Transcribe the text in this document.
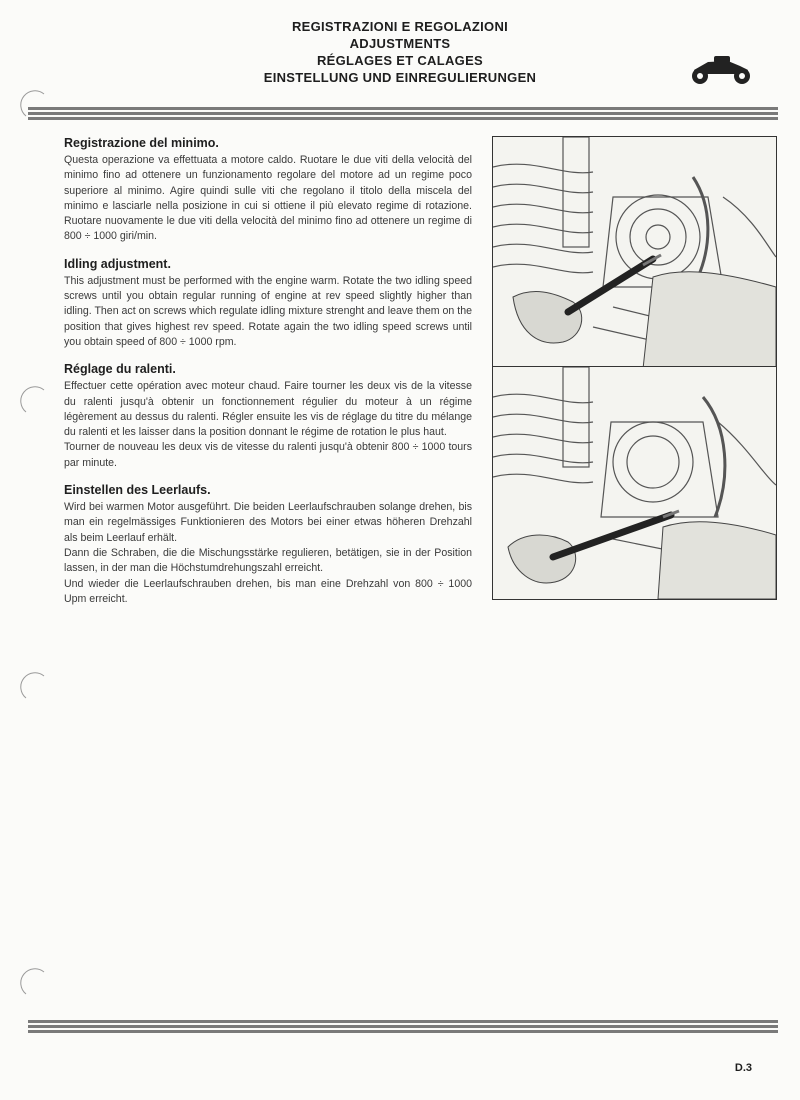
REGISTRAZIONI E REGOLAZIONI
ADJUSTMENTS
RÉGLAGES ET CALAGES
EINSTELLUNG UND EINREGULIERUNGEN
Registrazione del minimo.

Questa operazione va effettuata a motore caldo. Ruotare le due viti della velocità del minimo fino ad ottenere un funzionamento regolare del motore ad un regime poco superiore al minimo. Agire quindi sulle viti che regolano il titolo della miscela del minimo e lasciarle nella posizione in cui si ottiene il più elevato regime di rotazione. Ruotare nuovamente le due viti della velocità del minimo fino ad ottenere un regime di 800 ÷ 1000 giri/min.

Idling adjustment.

This adjustment must be performed with the engine warm. Rotate the two idling speed screws until you obtain regular running of engine at rev speed slightly higher than idling. Then act on screws which regulate idling mixture strenght and leave them on the position that gives highest rev speed. Rotate again the two idling speed screws until you obtain speed of 800 ÷ 1000 rpm.

Réglage du ralenti.

Effectuer cette opération avec moteur chaud. Faire tourner les deux vis de la vitesse du ralenti jusqu'à obtenir un fonctionnement régulier du moteur à un régime légèrement au dessus du ralenti. Régler ensuite les vis de réglage du titre du mélange du ralenti et les laisser dans la position donnant le régime de rotation le plus haut.
Tourner de nouveau les deux vis de vitesse du ralenti jusqu'à obtenir 800 ÷ 1000 tours par minute.

Einstellen des Leerlaufs.

Wird bei warmen Motor ausgeführt. Die beiden Leerlaufschrauben solange drehen, bis man ein regelmässiges Funktionieren des Motors bei einer etwas höheren Drehzahl als beim Leerlauf erhält.
Dann die Schraben, die die Mischungsstärke regulieren, betätigen, sie in der Position lassen, in der man die Höchstumdrehungszahl erreicht.
Und wieder die Leerlaufschrauben drehen, bis man eine Drehzahl von 800 ÷ 1000 Upm erreicht.

D.3
